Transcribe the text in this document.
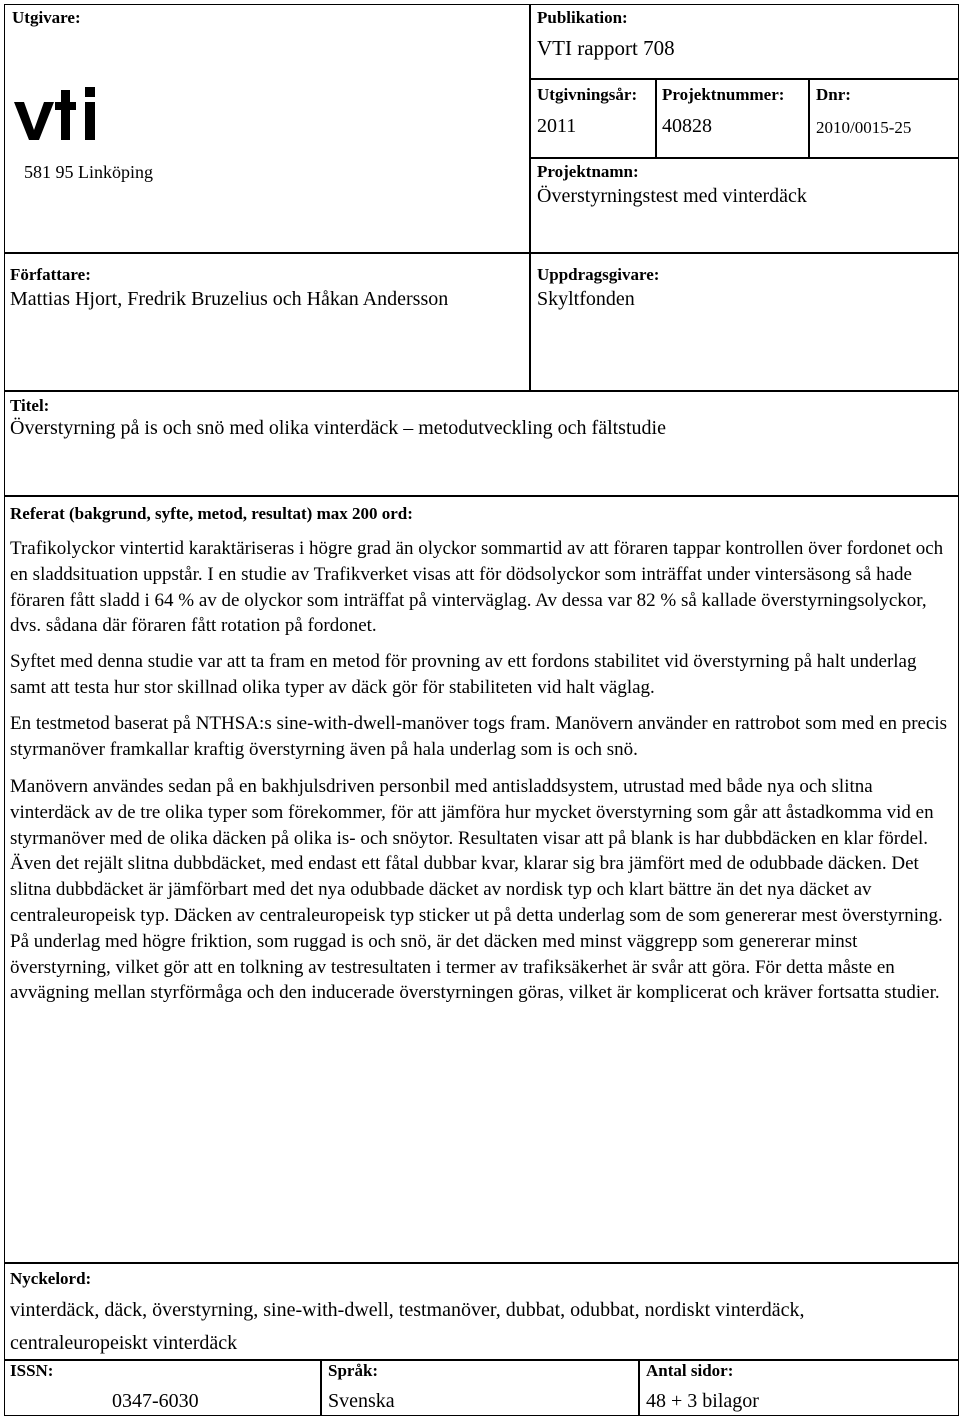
Utgivare:
581 95 Linköping
Publikation:
VTI rapport 708
Utgivningsår:
2011
Projektnummer:
40828
Dnr:
2010/0015-25
Projektnamn:
Överstyrningstest med vinterdäck
Författare:
Mattias Hjort, Fredrik Bruzelius och Håkan Andersson
Uppdragsgivare:
Skyltfonden
Titel:
Överstyrning på is och snö med olika vinterdäck – metodutveckling och fältstudie
Referat (bakgrund, syfte, metod, resultat) max 200 ord:

Trafikolyckor vintertid karaktäriseras i högre grad än olyckor sommartid av att föraren tappar kontrollen över fordonet och en sladdsituation uppstår. I en studie av Trafikverket visas att för dödsolyckor som inträffat under vintersäsong så hade föraren fått sladd i 64 % av de olyckor som inträffat på vinterväglag. Av dessa var 82 % så kallade överstyrningsolyckor, dvs. sådana där föraren fått rotation på fordonet.

Syftet med denna studie var att ta fram en metod för provning av ett fordons stabilitet vid överstyrning på halt underlag samt att testa hur stor skillnad olika typer av däck gör för stabiliteten vid halt väglag.

En testmetod baserat på NTHSA:s sine-with-dwell-manöver togs fram. Manövern använder en rattrobot som med en precis styrmanöver framkallar kraftig överstyrning även på hala underlag som is och snö.

Manövern användes sedan på en bakhjulsdriven personbil med antisladdsystem, utrustad med både nya och slitna vinterdäck av de tre olika typer som förekommer, för att jämföra hur mycket överstyrning som går att åstadkomma vid en styrmanöver med de olika däcken på olika is- och snöytor. Resultaten visar att på blank is har dubbdäcken en klar fördel. Även det rejält slitna dubbdäcket, med endast ett fåtal dubbar kvar, klarar sig bra jämfört med de odubbade däcken. Det slitna dubbdäcket är jämförbart med det nya odubbade däcket av nordisk typ och klart bättre än det nya däcket av centraleuropeisk typ. Däcken av centraleuropeisk typ sticker ut på detta underlag som de som genererar mest överstyrning. På underlag med högre friktion, som ruggad is och snö, är det däcken med minst väggrepp som genererar minst överstyrning, vilket gör att en tolkning av testresultaten i termer av trafiksäkerhet är svår att göra. För detta måste en avvägning mellan styrförmåga och den inducerade överstyrningen göras, vilket är komplicerat och kräver fortsatta studier.

Nyckelord:
vinterdäck, däck, överstyrning, sine-with-dwell, testmanöver, dubbat, odubbat, nordiskt vinterdäck,
centraleuropeiskt vinterdäck
ISSN:
0347-6030
Språk:
Svenska
Antal sidor:
48 + 3 bilagor
